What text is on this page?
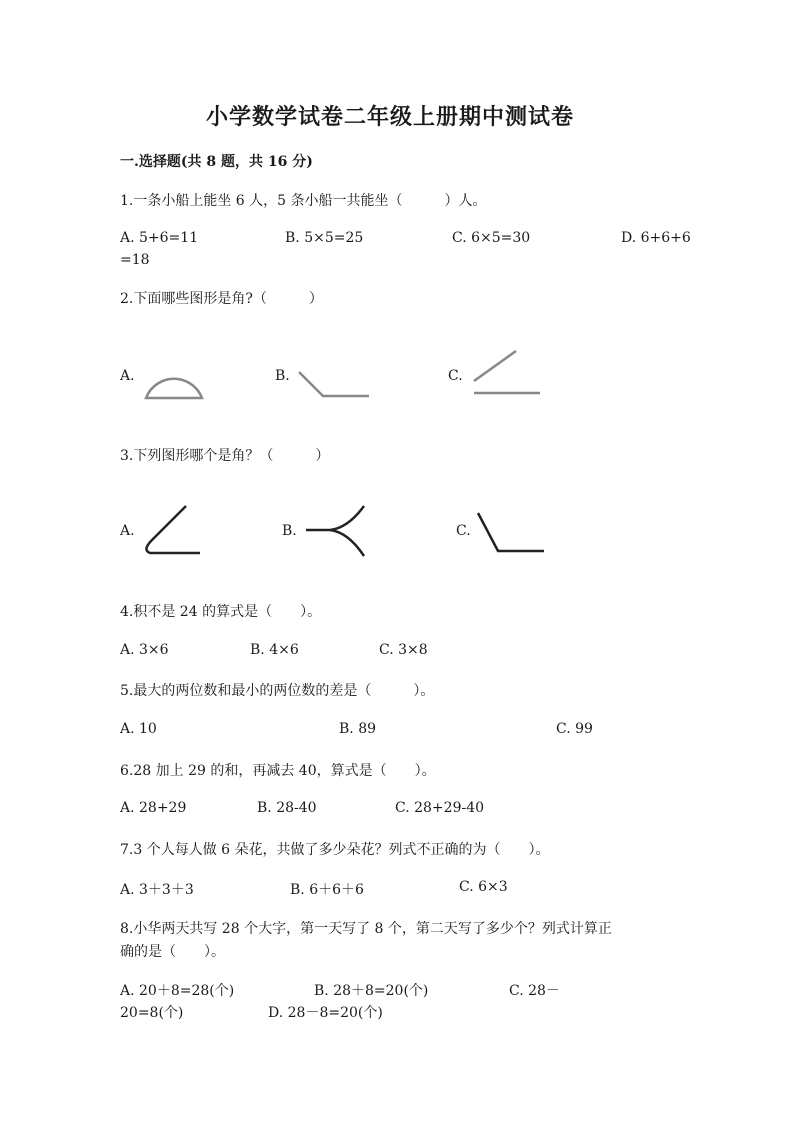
小学数学试卷二年级上册期中测试卷
一.选择题(共 8 题，共 16 分)
1.一条小船上能坐 6 人，5 条小船一共能坐（　　　）人。
A. 5+6=11	B. 5×5=25	C. 6×5=30	D. 6+6+6
=18
2.下面哪些图形是角?（　　　）
A.	B.	C.
3.下列图形哪个是角？（　　　）
A.	B.	C.
4.积不是 24 的算式是（　　）。
A. 3×6	B. 4×6	C. 3×8
5.最大的两位数和最小的两位数的差是（　　　）。
A. 10	B. 89	C. 99
6.28 加上 29 的和，再减去 40，算式是（　　）。
A. 28+29	B. 28-40	C. 28+29-40
7.3 个人每人做 6 朵花，共做了多少朵花？列式不正确的为（　　）。
A. 3＋3＋3	B. 6＋6＋6	C. 6×3
8.小华两天共写 28 个大字，第一天写了 8 个，第二天写了多少个？列式计算正
确的是（　　）。
A. 20＋8=28(个)	B. 28＋8=20(个)	C. 28－
20=8(个)	D. 28－8=20(个)
